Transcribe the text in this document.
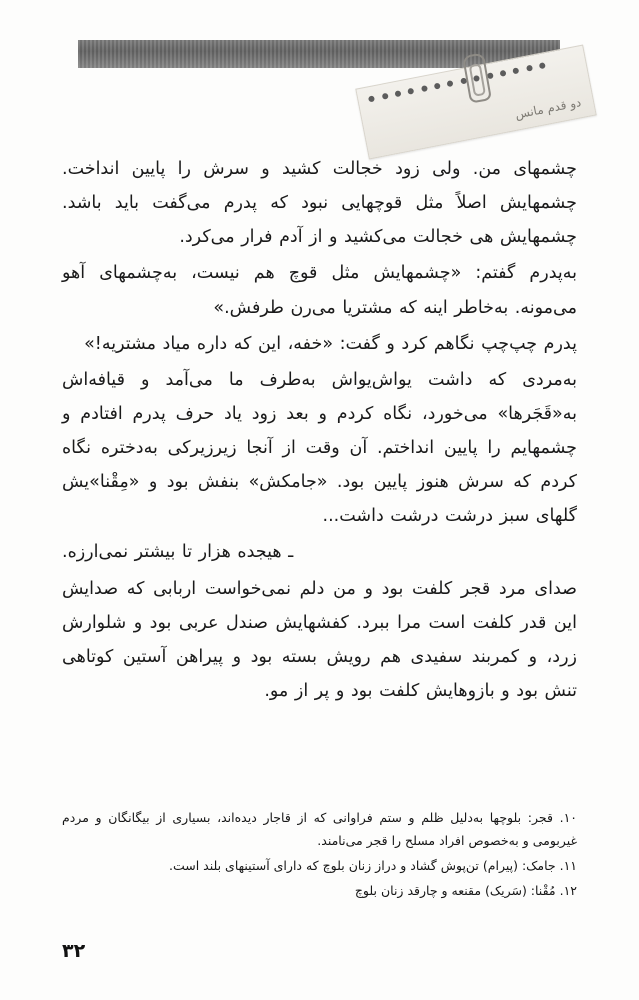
دو قدم مانس

چشمهای من. ولی زود خجالت کشید و سرش را پایین انداخت. چشمهایش اصلاً مثل قوچهایی نبود که پدرم می‌گفت باید باشد. چشمهایش هی خجالت می‌کشید و از آدم فرار می‌کرد.

به‌پدرم گفتم: «چشمهایش مثل قوچ هم نیست، به‌چشمهای آهو می‌مونه. به‌خاطر اینه که مشتریا می‌رن طرفش.»

پدرم چپ‌چپ نگاهم کرد و گفت: «خفه، این که داره میاد مشتریه!»

به‌مردی که داشت یواش‌یواش به‌طرف ما می‌آمد و قیافه‌اش به«قَجَرها» می‌خورد، نگاه کردم و بعد زود یاد حرف پدرم افتادم و چشمهایم را پایین انداختم. آن وقت از آنجا زیرزیرکی به‌دختره نگاه کردم که سرش هنوز پایین بود. «جامکش» بنفش بود و «مِقْنا»یش گلهای سبز درشت درشت داشت...

ـ هیجده هزار تا بیشتر نمی‌ارزه.

صدای مرد قجر کلفت بود و من دلم نمی‌خواست اربابی که صدایش این قدر کلفت است مرا ببرد. کفشهایش صندل عربی بود و شلوارش زرد، و کمربند سفیدی هم رویش بسته بود و پیراهن آستین کوتاهی تنش بود و بازوهایش کلفت بود و پر از مو.

۱۰. قجر: بلوچها به‌دلیل ظلم و ستم فراوانی که از قاجار دیده‌اند، بسیاری از بیگانگان و مردم غیربومی و به‌خصوص افراد مسلح را قجر می‌نامند.

۱۱. جامک: (پیرام) تن‌پوش گشاد و دراز زنان بلوچ که دارای آستینهای بلند است.

۱۲. مُقْنا: (سَریک) مقنعه و چارقد زنان بلوچ

۳۲
